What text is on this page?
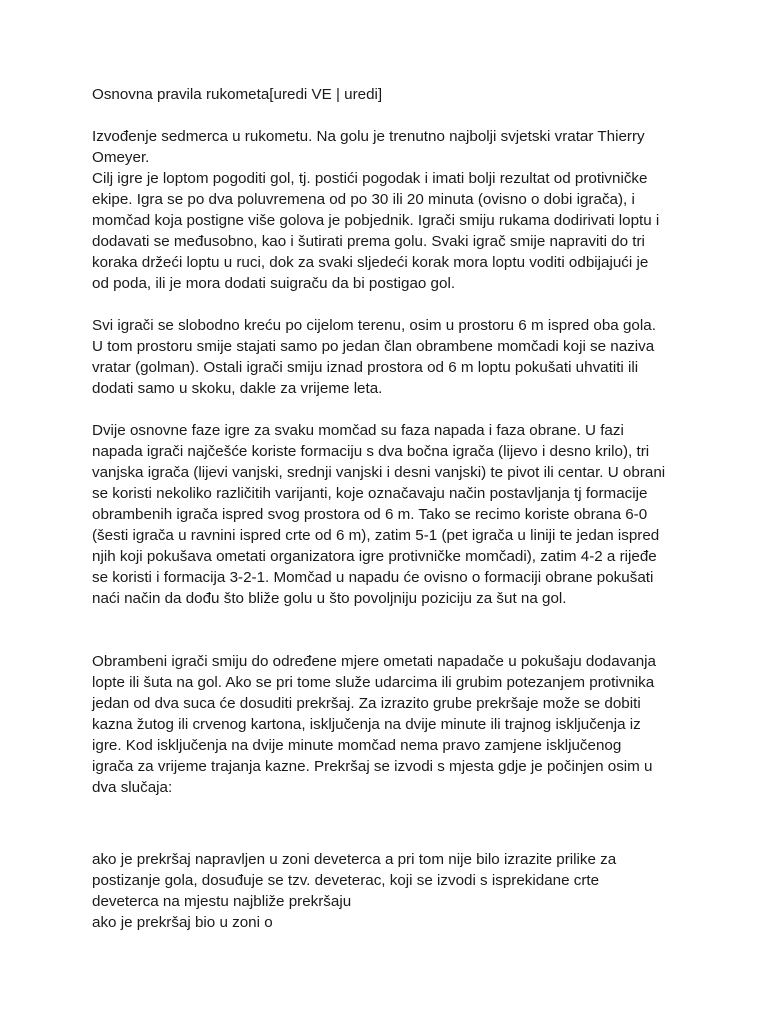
Osnovna pravila rukometa[uredi VE | uredi]
Izvođenje sedmerca u rukometu. Na golu je trenutno najbolji svjetski vratar Thierry
Omeyer.
Cilj igre je loptom pogoditi gol, tj. postići pogodak i imati bolji rezultat od protivničke
ekipe. Igra se po dva poluvremena od po 30 ili 20 minuta (ovisno o dobi igrača), i
momčad koja postigne više golova je pobjednik. Igrači smiju rukama dodirivati loptu i
dodavati se međusobno, kao i šutirati prema golu. Svaki igrač smije napraviti do tri
koraka držeći loptu u ruci, dok za svaki sljedeći korak mora loptu voditi odbijajući je
od poda, ili je mora dodati suigraču da bi postigao gol.
Svi igrači se slobodno kreću po cijelom terenu, osim u prostoru 6 m ispred oba gola.
U tom prostoru smije stajati samo po jedan član obrambene momčadi koji se naziva
vratar (golman). Ostali igrači smiju iznad prostora od 6 m loptu pokušati uhvatiti ili
dodati samo u skoku, dakle za vrijeme leta.
Dvije osnovne faze igre za svaku momčad su faza napada i faza obrane. U fazi
napada igrači najčešće koriste formaciju s dva bočna igrača (lijevo i desno krilo), tri
vanjska igrača (lijevi vanjski, srednji vanjski i desni vanjski) te pivot ili centar. U obrani
se koristi nekoliko različitih varijanti, koje označavaju način postavljanja tj formacije
obrambenih igrača ispred svog prostora od 6 m. Tako se recimo koriste obrana 6-0
(šesti igrača u ravnini ispred crte od 6 m), zatim 5-1 (pet igrača u liniji te jedan ispred
njih koji pokušava ometati organizatora igre protivničke momčadi), zatim 4-2 a rijeđe
se koristi i formacija 3-2-1. Momčad u napadu će ovisno o formaciji obrane pokušati
naći način da dođu što bliže golu u što povoljniju poziciju za šut na gol.
Obrambeni igrači smiju do određene mjere ometati napadače u pokušaju dodavanja
lopte ili šuta na gol. Ako se pri tome služe udarcima ili grubim potezanjem protivnika
jedan od dva suca će dosuditi prekršaj. Za izrazito grube prekršaje može se dobiti
kazna žutog ili crvenog kartona, isključenja na dvije minute ili trajnog isključenja iz
igre. Kod isključenja na dvije minute momčad nema pravo zamjene isključenog
igrača za vrijeme trajanja kazne. Prekršaj se izvodi s mjesta gdje je počinjen osim u
dva slučaja:
ako je prekršaj napravljen u zoni deveterca a pri tom nije bilo izrazite prilike za
postizanje gola, dosuđuje se tzv. deveterac, koji se izvodi s isprekidane crte
deveterca na mjestu najbliže prekršaju
ako je prekršaj bio u zoni o
